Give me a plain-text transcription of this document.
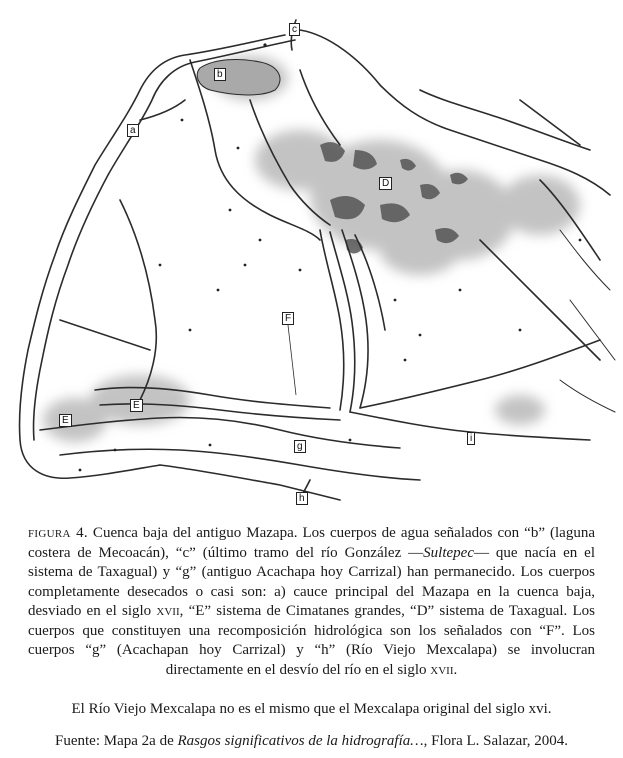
c
b
a
D
F
E
E
i
g
h
figura 4. Cuenca baja del antiguo Mazapa. Los cuerpos de agua señalados con “b” (laguna costera de Mecoacán), “c” (último tramo del río González —Sultepec— que nacía en el sistema de Taxagual) y “g” (antiguo Acachapa hoy Carrizal) han permanecido. Los cuerpos completamente desecados o casi son: a) cauce principal del Mazapa en la cuenca baja, desviado en el siglo xvii, “E” sistema de Cimatanes grandes, “D” sistema de Taxagual. Los cuerpos que constituyen una recomposición hidrológica son los señalados con “F”. Los cuerpos “g” (Acachapan hoy Carrizal) y “h” (Río Viejo Mexcalapa) se involucran directamente en el desvío del río en el siglo xvii.
El Río Viejo Mexcalapa no es el mismo que el Mexcalapa original del siglo xvi.
Fuente: Mapa 2a de Rasgos significativos de la hidrografía…, Flora L. Salazar, 2004.
